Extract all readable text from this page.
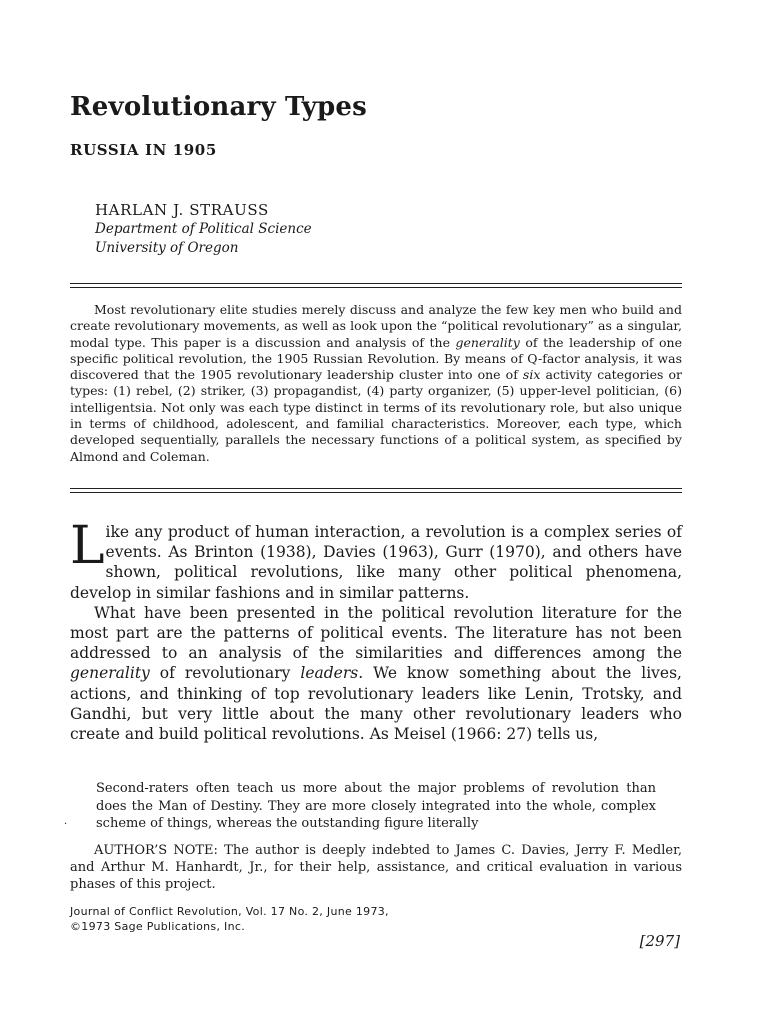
Revolutionary Types
RUSSIA IN 1905
HARLAN J. STRAUSS
Department of Political Science
University of Oregon

Most revolutionary elite studies merely discuss and analyze the few key men who build and create revolutionary movements, as well as look upon the “political revolutionary” as a singular, modal type. This paper is a discussion and analysis of the generality of the leadership of one specific political revolution, the 1905 Russian Revolution. By means of Q-factor analysis, it was discovered that the 1905 revolutionary leadership cluster into one of six activity categories or types: (1) rebel, (2) striker, (3) propagandist, (4) party organizer, (5) upper-level politician, (6) intelligentsia. Not only was each type distinct in terms of its revolutionary role, but also unique in terms of childhood, adolescent, and familial characteristics. Moreover, each type, which developed sequentially, parallels the necessary functions of a political system, as specified by Almond and Coleman.

Like any product of human interaction, a revolution is a complex series of events. As Brinton (1938), Davies (1963), Gurr (1970), and others have shown, political revolutions, like many other political phenomena, develop in similar fashions and in similar patterns.

What have been presented in the political revolution literature for the most part are the patterns of political events. The literature has not been addressed to an analysis of the similarities and differences among the generality of revolutionary leaders. We know something about the lives, actions, and thinking of top revolutionary leaders like Lenin, Trotsky, and Gandhi, but very little about the many other revolutionary leaders who create and build political revolutions. As Meisel (1966: 27) tells us,

Second-raters often teach us more about the major problems of revolution than does the Man of Destiny. They are more closely integrated into the whole, complex scheme of things, whereas the outstanding figure literally

·

AUTHOR’S NOTE: The author is deeply indebted to James C. Davies, Jerry F. Medler, and Arthur M. Hanhardt, Jr., for their help, assistance, and critical evaluation in various phases of this project.

Journal of Conflict Revolution, Vol. 17 No. 2, June 1973,
©1973 Sage Publications, Inc.
[297]
